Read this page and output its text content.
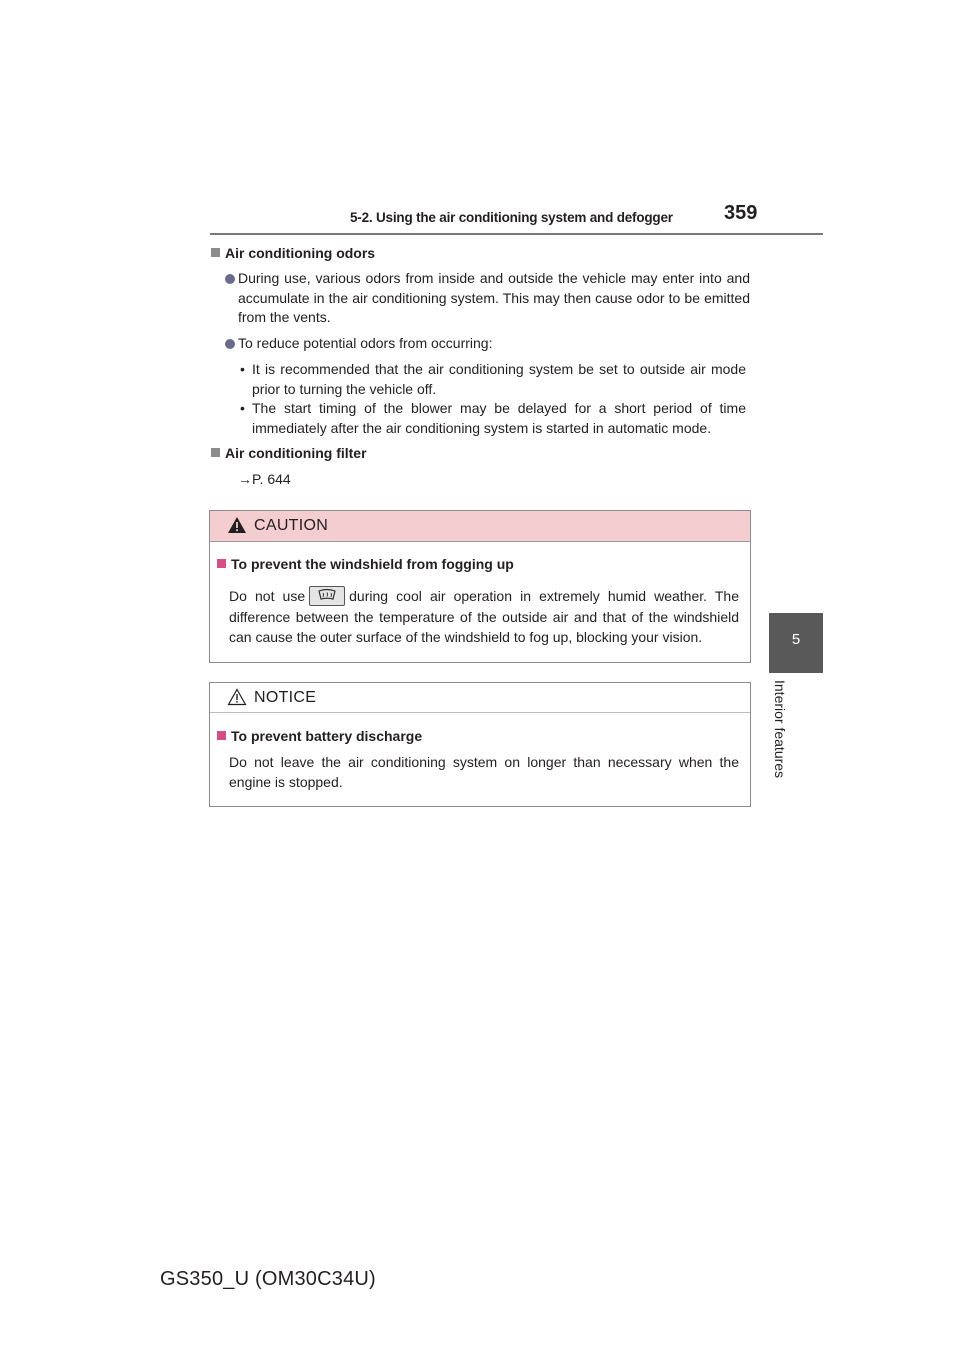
5-2. Using the air conditioning system and defogger	359
5
Interior features
Air conditioning odors
During use, various odors from inside and outside the vehicle may enter into and accumulate in the air conditioning system. This may then cause odor to be emitted from the vents.
To reduce potential odors from occurring:
• It is recommended that the air conditioning system be set to outside air mode prior to turning the vehicle off.
• The start timing of the blower may be delayed for a short period of time immediately after the air conditioning system is started in automatic mode.
Air conditioning filter
→P. 644
CAUTION
To prevent the windshield from fogging up
Do not use	during cool air operation in extremely humid weather. The difference between the temperature of the outside air and that of the windshield can cause the outer surface of the windshield to fog up, blocking your vision.
NOTICE
To prevent battery discharge
Do not leave the air conditioning system on longer than necessary when the engine is stopped.
GS350_U (OM30C34U)
